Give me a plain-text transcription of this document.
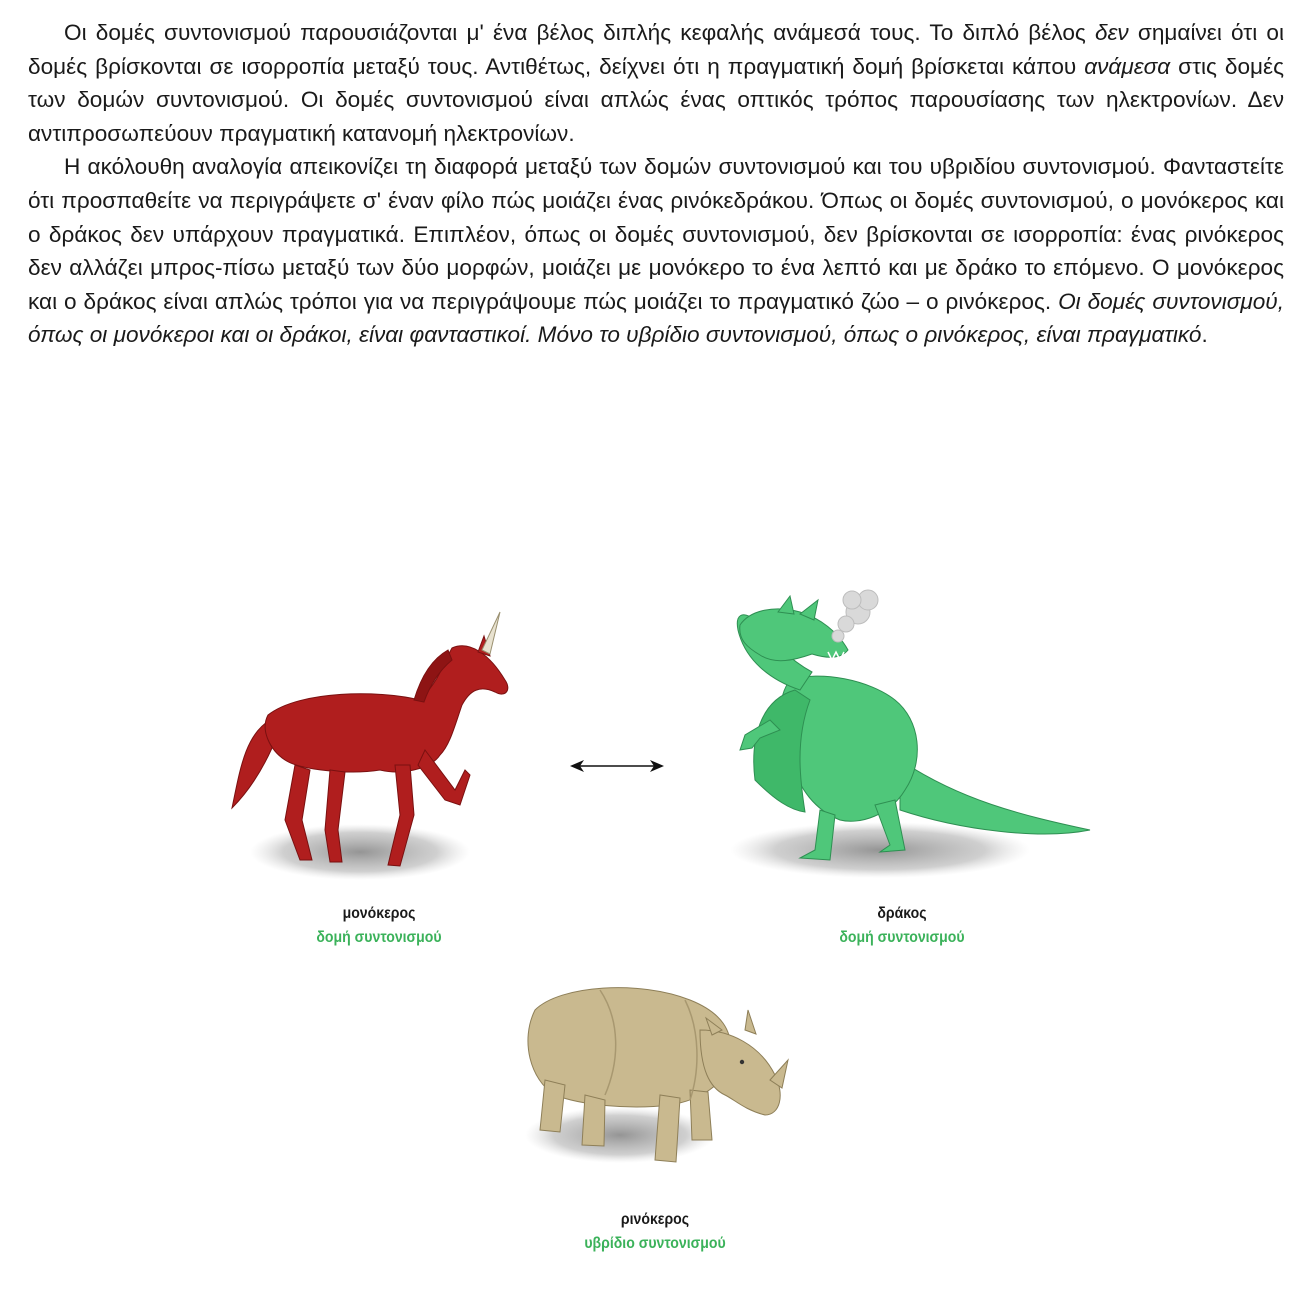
Οι δομές συντονισμού παρουσιάζονται μ' ένα βέλος διπλής κεφαλής ανάμεσά τους. Το διπλό βέλος δεν σημαίνει ότι οι δομές βρίσκονται σε ισορροπία μεταξύ τους. Αντιθέτως, δείχνει ότι η πραγματική δομή βρίσκεται κάπου ανάμεσα στις δομές των δομών συντονισμού. Οι δομές συντονισμού είναι απλώς ένας οπτικός τρόπος παρουσίασης των ηλεκτρονίων. Δεν αντιπροσωπεύουν πραγματική κατανομή ηλεκτρονίων.

Η ακόλουθη αναλογία απεικονίζει τη διαφορά μεταξύ των δομών συντονισμού και του υβριδίου συντονισμού. Φανταστείτε ότι προσπαθείτε να περιγράψετε σ' έναν φίλο πώς μοιάζει ένας ρινόκεδράκου. Όπως οι δομές συντονισμού, ο μονόκερος και ο δράκος δεν υπάρχουν πραγματικά. Επιπλέον, όπως οι δομές συντονισμού, δεν βρίσκονται σε ισορροπία: ένας ρινόκερος δεν αλλάζει μπρος-πίσω μεταξύ των δύο μορφών, μοιάζει με μονόκερο το ένα λεπτό και με δράκο το επόμενο. Ο μονόκερος και ο δράκος είναι απλώς τρόποι για να περιγράψουμε πώς μοιάζει το πραγματικό ζώο – ο ρινόκερος. Οι δομές συντονισμού, όπως οι μονόκεροι και οι δράκοι, είναι φανταστικοί. Μόνο το υβρίδιο συντονισμού, όπως ο ρινόκερος, είναι πραγματικό.

μονόκερος
δομή συντονισμού
δράκος
δομή συντονισμού
ρινόκερος
υβρίδιο συντονισμού
